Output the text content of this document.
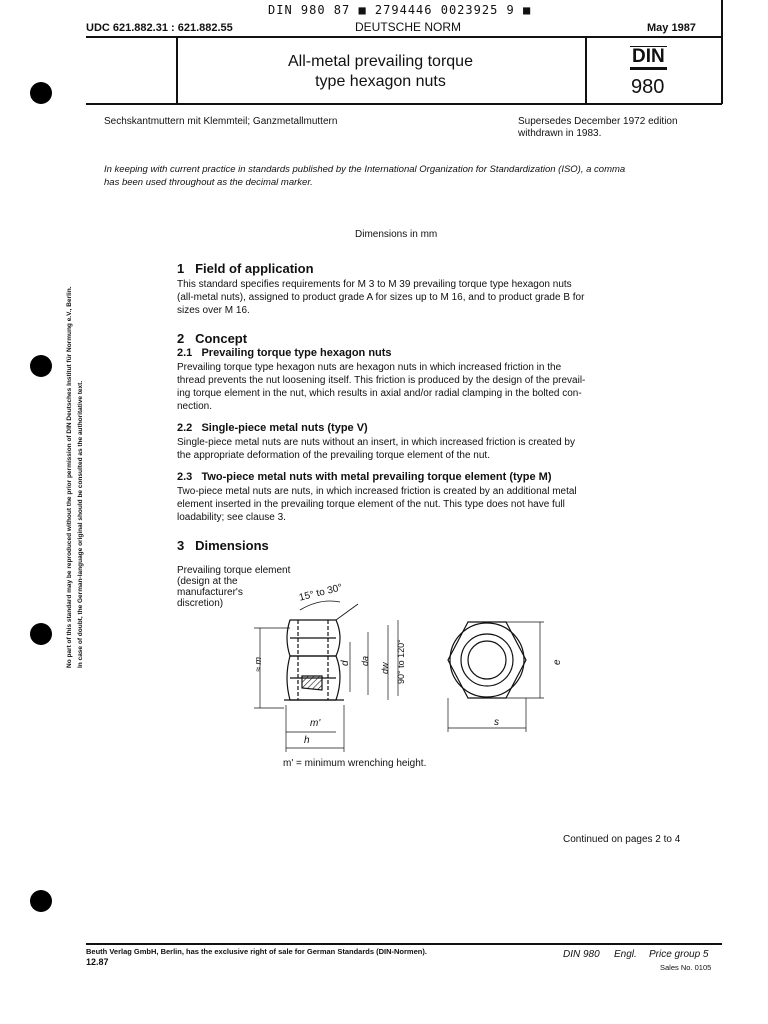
DIN 980 87 ■ 2794446 0023925 9 ■
UDC 621.882.31 : 621.882.55	DEUTSCHE NORM	May 1987
All-metal prevailing torque
type hexagon nuts
DIN
980
Sechskantmuttern mit Klemmteil; Ganzmetallmuttern	Supersedes December 1972 edition
withdrawn in 1983.
In keeping with current practice in standards published by the International Organization for Standardization (ISO), a comma
has been used throughout as the decimal marker.
Dimensions in mm
No part of this standard may be reproduced without the prior permission of DIN Deutsches Institut für Normung e.V., Berlin. In case of doubt, the German-language original should be consulted as the authoritative text.
1   Field of application
This standard specifies requirements for M 3 to M 39 prevailing torque type hexagon nuts
(all-metal nuts), assigned to product grade A for sizes up to M 16, and to product grade B for
sizes over M 16.
2   Concept
2.1   Prevailing torque type hexagon nuts
Prevailing torque type hexagon nuts are hexagon nuts in which increased friction in the
thread prevents the nut loosening itself. This friction is produced by the design of the prevail-
ing torque element in the nut, which results in axial and/or radial clamping in the bolted con-
nection.
2.2   Single-piece metal nuts (type V)
Single-piece metal nuts are nuts without an insert, in which increased friction is created by
the appropriate deformation of the prevailing torque element of the nut.
2.3   Two-piece metal nuts with metal prevailing torque element (type M)
Two-piece metal nuts are nuts, in which increased friction is created by an additional metal
element inserted in the prevailing torque element of the nut. This type does not have full
loadability; see clause 3.
3   Dimensions
Prevailing torque element
(design at the
manufacturer's
discretion)	15° to 30°
≈ m	d da
dw 90° to 120°
m'
h
s
e
m' = minimum wrenching height.
Continued on pages 2 to 4
Beuth Verlag GmbH, Berlin, has the exclusive right of sale for German Standards (DIN-Normen).
12.87
DIN 980 Engl. Price group 5
Sales No. 0105
